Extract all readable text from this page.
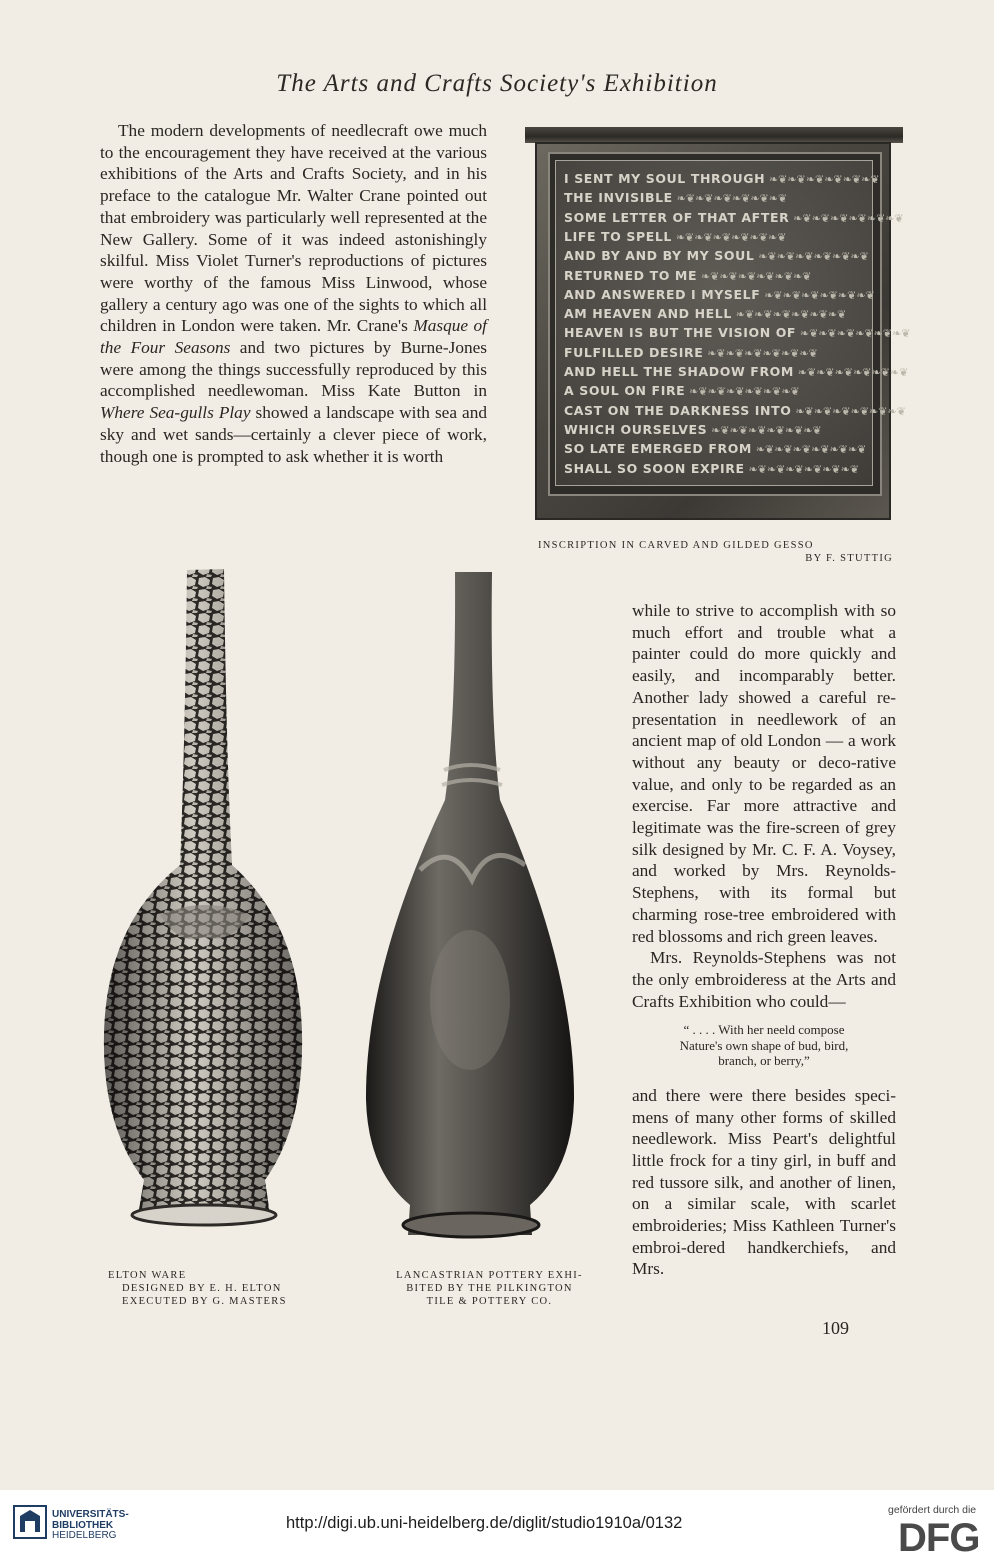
The Arts and Crafts Society's Exhibition

The modern developments of needlecraft owe much to the encouragement they have received at the various exhibitions of the Arts and Crafts Society, and in his preface to the catalogue Mr. Walter Crane pointed out that embroidery was particularly well represented at the New Gallery. Some of it was indeed astonishingly skilful. Miss Violet Turner's reproductions of pictures were worthy of the famous Miss Linwood, whose gallery a century ago was one of the sights to which all children in London were taken. Mr. Crane's Masque of the Four Seasons and two pictures by Burne-Jones were among the things successfully reproduced by this accomplished needlewoman. Miss Kate Button in Where Sea-gulls Play showed a landscape with sea and sky and wet sands—certainly a clever piece of work, though one is prompted to ask whether it is worth

I SENT MY SOUL THROUGH ❧❦❧❦❧❦❧❦❧❦❧❦
THE INVISIBLE ❧❦❧❦❧❦❧❦❧❦❧❦
SOME LETTER OF THAT AFTER ❧❦❧❦❧❦❧❦❧❦❧❦
LIFE TO SPELL ❧❦❧❦❧❦❧❦❧❦❧❦
AND BY AND BY MY SOUL ❧❦❧❦❧❦❧❦❧❦❧❦
RETURNED TO ME ❧❦❧❦❧❦❧❦❧❦❧❦
AND ANSWERED I MYSELF ❧❦❧❦❧❦❧❦❧❦❧❦
AM HEAVEN AND HELL ❧❦❧❦❧❦❧❦❧❦❧❦
HEAVEN IS BUT THE VISION OF ❧❦❧❦❧❦❧❦❧❦❧❦
FULFILLED DESIRE ❧❦❧❦❧❦❧❦❧❦❧❦
AND HELL THE SHADOW FROM ❧❦❧❦❧❦❧❦❧❦❧❦
A SOUL ON FIRE ❧❦❧❦❧❦❧❦❧❦❧❦
CAST ON THE DARKNESS INTO ❧❦❧❦❧❦❧❦❧❦❧❦
WHICH OURSELVES ❧❦❧❦❧❦❧❦❧❦❧❦
SO LATE EMERGED FROM ❧❦❧❦❧❦❧❦❧❦❧❦
SHALL SO SOON EXPIRE ❧❦❧❦❧❦❧❦❧❦❧❦
INSCRIPTION IN CARVED AND GILDED GESSO
BY F. STUTTIG
ELTON WARE
DESIGNED BY E. H. ELTON
EXECUTED BY G. MASTERS
LANCASTRIAN POTTERY EXHI-
BITED BY THE PILKINGTON
TILE & POTTERY CO.

while to strive to accomplish with so much effort and trouble what a painter could do more quickly and easily, and incomparably better. Another lady showed a careful re-presentation in needlework of an ancient map of old London — a work without any beauty or deco-rative value, and only to be regarded as an exercise. Far more attractive and legitimate was the fire-screen of grey silk designed by Mr. C. F. A. Voysey, and worked by Mrs. Reynolds-Stephens, with its formal but charming rose-tree embroidered with red blossoms and rich green leaves.

Mrs. Reynolds-Stephens was not the only embroideress at the Arts and Crafts Exhibition who could—

“ . . . . With her neeld compose
Nature's own shape of bud, bird,
branch, or berry,”

and there were there besides speci-mens of many other forms of skilled needlework. Miss Peart's delightful little frock for a tiny girl, in buff and red tussore silk, and another of linen, on a similar scale, with scarlet embroideries; Miss Kathleen Turner's embroi-dered handkerchiefs, and Mrs.

109
UNIVERSITÄTS-
BIBLIOTHEK
HEIDELBERG
http://digi.ub.uni-heidelberg.de/diglit/studio1910a/0132
gefördert durch die
DFG
